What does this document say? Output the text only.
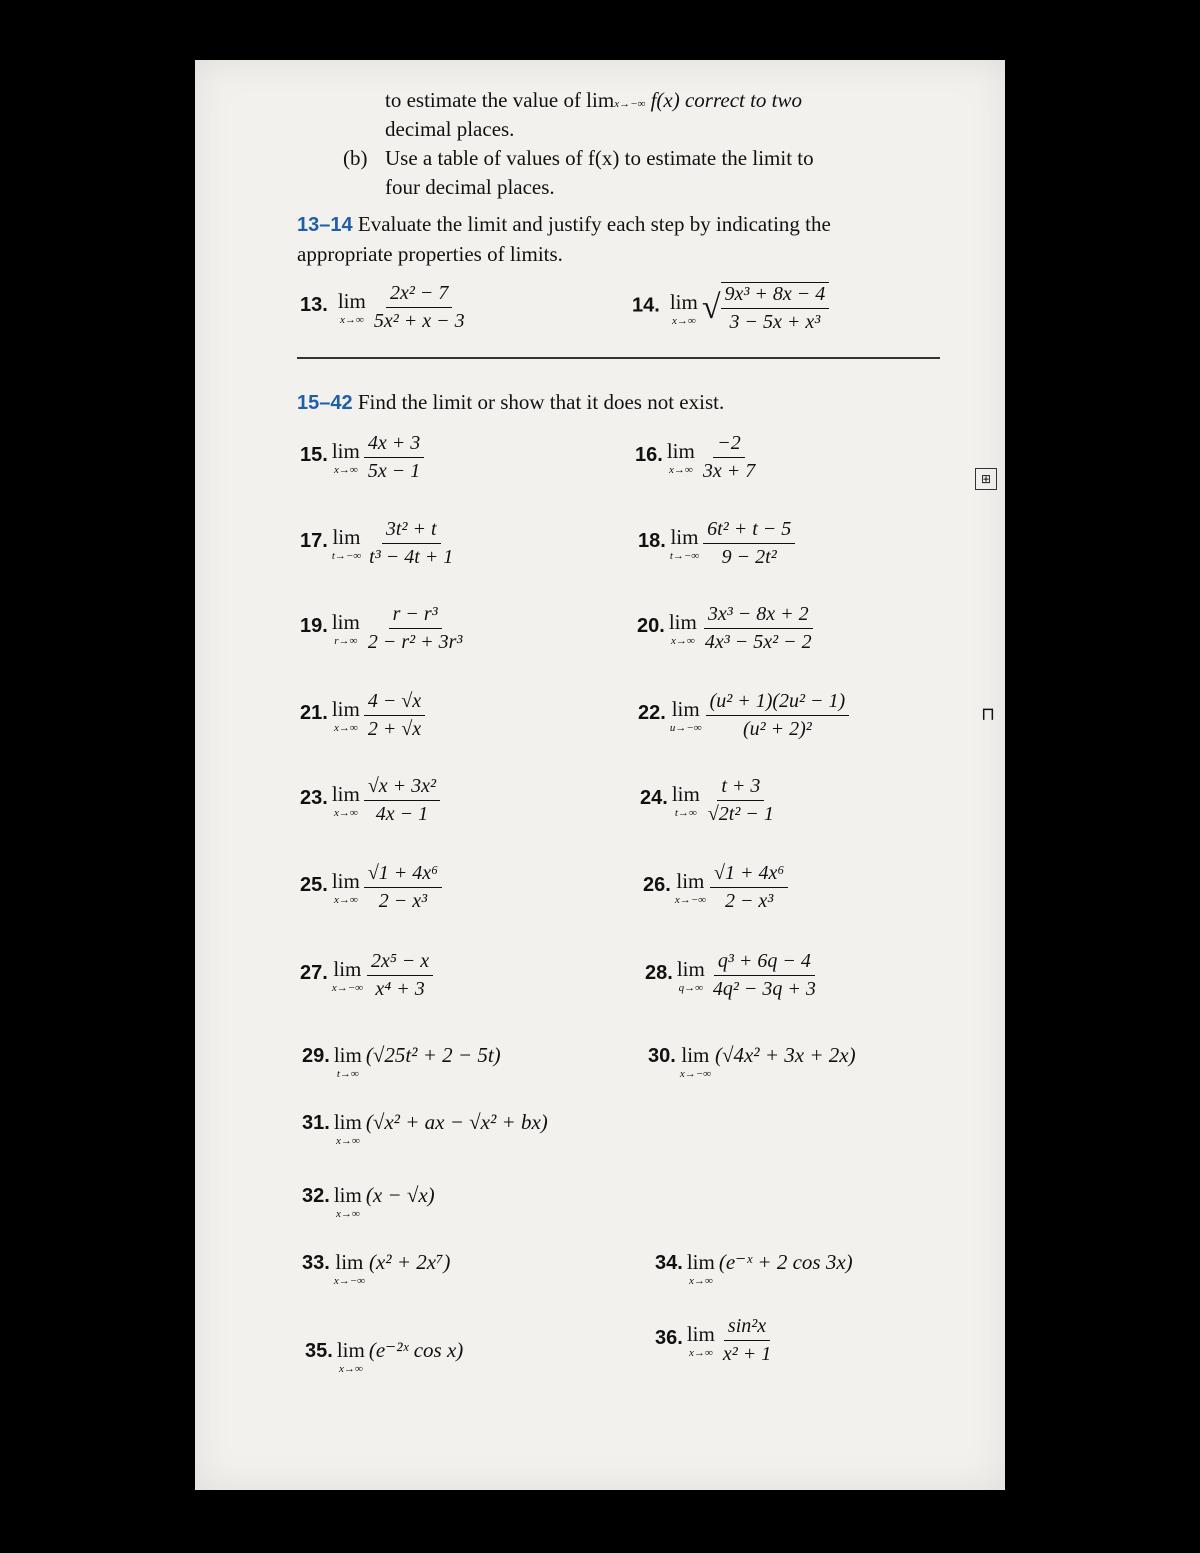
to estimate the value of limx→−∞ f(x) correct to two
decimal places.
(b) Use a table of values of f(x) to estimate the limit to
four decimal places.
13–14 Evaluate the limit and justify each step by indicating the
appropriate properties of limits.
13. lim
x→∞
$\frac{\text{2x² − 7}}{\text{5x² + x − 3}}$	14. lim
x→∞ √ $\frac{\text{9x³ + 8x − 4}}{\text{3 − 5x + x³}}$
15–42 Find the limit or show that it does not exist.
15. lim
x→∞
$\frac{4x + 3}{5x - 1}$	16. lim
x→∞
$\frac{-2}{3x + 7}$
17. lim
t→−∞
$\frac{\text{3t² + t}}{\text{t³ − 4t + 1}}$	18. lim
t→−∞
$\frac{\text{6t² + t − 5}}{\text{9 − 2t²}}$
19. lim
r→∞
$\frac{\text{r − r³}}{\text{2 − r² + 3r³}}$	20. lim
x→∞
$\frac{\text{3x³ − 8x + 2}}{\text{4x³ − 5x² − 2}}$
21. lim
x→∞
$\frac{4 - √x}{2 + √x}$	22. lim
u→−∞
$\frac{\text{(u² + 1)(2u² − 1)}}{\text{(u² + 2)²}}$
23. lim
x→∞
$\frac{\text{√x + 3x²}}{4x - 1}$	24. lim
t→∞
$\frac{t + 3}{\text{√2t² − 1}}$
25. lim
x→∞
$\frac{\text{√1 + 4x⁶}}{\text{2 − x³}}$	26. lim
x→−∞
$\frac{\text{√1 + 4x⁶}}{\text{2 − x³}}$
27. lim
x→−∞
$\frac{\text{2x⁵ − x}}{\text{x⁴ + 3}}$	28. lim
q→∞
$\frac{\text{q³ + 6q − 4}}{\text{4q² − 3q + 3}}$
29. lim
t→∞
(√25t² + 2 − 5t)	30. lim
x→−∞
(√4x² + 3x + 2x)
31. lim
x→∞
(√x² + ax − √x² + bx)
32. lim
x→∞
(x − √x)
33. lim
x→−∞
(x² + 2x⁷)	34. lim
x→∞
(e⁻ˣ + 2 cos 3x)
35. lim
x→∞
(e⁻²ˣ cos x)	36. lim
x→∞
$\frac{\text{sin²x}}{\text{x² + 1}}$
⊞
⊓
